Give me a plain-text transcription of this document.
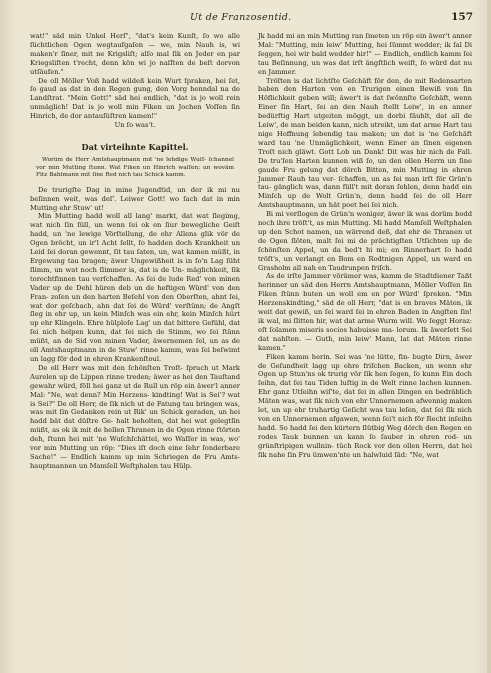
Ut de Franzosentid.	157

wat!" säd min Unkel Herſ", "dat's kein Kunſt, ſo wo alle ſüchtlichen Ogen wegtaufgaſen — we, min Nauh is, wi maken'r ſiner, mit ne Krigsliſt; alſo mal ſik en Jeder en par Kriegsliſten t'recht, denn kön wi jo naſſten de beſt dorvon utſäufen."

De oll Möller Voß hadd wildeß kein Wurt ſpraken, hei ſet, ſo gaud as dat in den Regen gung, den Vorg henndal na de Landſtrat. "Mein Gott!" säd hei endlich, "dat is jo woll rein unmäglich! Dat is jo woll min Fiken un Jochen Voſſen ſin Hinrich, de dor antauſüſtren kamen!"

Un ſo wasʼt.

Dat virteihnte Kapittel.

Worüm de Herr Amtshauptmann mit 'ne lehdige Wuſſ- ſchannel vor min Mutting ſtunn. Wat Fiken un Hinrich waſſen; un woväm Fitz Bahlmann mit ſine Red nich tau Schick kamm.

De trurigſte Dag in mine Jugendtid, un der ik mi nu beſinnen weit, was deſ'. Leiwer Gott! wo ſach dat in min Mutting ehr Stuw' ut!

Min Mutting hadd woll all lang' markt, dat wat ſlegimg, wat nich ſin ſüll, un wenn ſei ok en ſiur bewegliche Geiſt hadd, un 'ne lewige Vörſtellung, de ehr Allens glik vör de Ogen bröcht, un ir'l Acht ſellt, ſo hadden doch Krankheit un Leid ſei doran gewennt, ſit tau ſaten, un, wat kamen müßt, in Ergewung tau bragen; äwer Ungewißheit is in ſo'n Lag ſüht ſlimm, un wat noch ſlimmer is, dat is de Un- mäglichkeit, ſik torechtfinnen tau verſchaffen. As ſei de lude Red' von minen Vader up de Dehl hüren deb un de heftigen Würd' von den Fran- zoſen un den harten Beſehl von den Oberſten, ahnt ſei, wat dor geſchach, ahn dat ſei de Würd' verſtünn; de Angſt ſleg in ehr up, un kein Minſch was ein ehr, kein Minſch hürt up ehr Klingeln. Ehre hülploſe Lag' un dat bittere Gefühl, dat ſei nich helpen kunn, dat ſei nich de Stimm, wo ſei ſtänn müßt, an de Sid von minen Vader, äwernemen ſel, un as de oll Amtshauptmann in de Stuw' rinne kamm, was ſei beſwimt un lagg för dod in ehren Krankenſtoul.

De oll Herr was mit den ſchönſten Troſt- ſpruch ut Mark Aurelen up de Lippen rinne treden; äwer as hei den Tauſtand gewahr würd, föll hei ganz ut de Rull un röp ein äwer'l anner Mal: "Ne, wat denn? Min Herzens- kindting! Wat is Sei'? wat is Sei?" De oll Herr, de ſik nich ut de Fatung tau bringen was, was mit ſin Gedanken rein ut Rik' un Schick geraden, un hei hadd bät dat düſtre Ge- halt beholten, dat hei wat gelegtſin müßt, as ok ik mit de hellen Thranen in de Ogen rinne ſtörten deh, ſtunn hei mit 'ne Wuſchſchättel, wo Waſſer in was, wo' vor min Mutting un röp: "Dies iſt doch eine ſehr ſonderbare Sache!" — Endlich kamm up min Schriegen de Fru Amts- hauptmannen un Mamſell Weſtphalen tau Hülp.

Jk hadd mi an min Mutting ran ſmeten un röp ein äwer't anner Mal: "Mutting, min leiw' Mutting, hei ſümmt wedder; ik ſal Di ſeggen, hei wir bald wedder hir!" — Endlich, endlich kamm ſei tau Beſinnung, un was dat irſt ängſtlich weiſt, ſo würd dat nu en Jammer.

Tröſten is dat lichtſte Geſchäft för den, de mit Redensarten baben den Harten von en Trurigen einen Bewiß von ſin Höflichkeit geben will; äwer't is dat ſwönnſte Geſchäft, wenn Einer ſin Hart, ſei an den Nauh ſtellt Leiw', in en anner bedürftig Hart utgeiten möggt, un dorbi fäuhlt, dat all de Leiw', de man beiden kann, nich utreikt, um dat arme Hart tau nige Hoffnung lebendig tau maken; un dat is 'ne Geſchäft ward tau 'ne Unmäglichkeit, wenn Einer an ſinen eigenen Troſt nich gläwt. Gott Lob un Dank! Dit was hir nich de Fall. De tru'ſen Harten kunnen wiß ſo, un den ollen Herrn un ſine gaude Fru gelung dat dörch Bitten, min Mutting in ehren Jammer Rauh tau ver- ſchaffen, un as ſei man irſt för Grün'n tau- gänglich was, dann füll't mit doran ſehlen, denn hadd ein Minſch up de Wolt Grün'n, denn hadd ſei de oll Herr Amtshauptmann, un hät poet hei ſei nich.

Bi mi verſlogen de Grün'n woniger, äwer ik was dorüm bodd noch ihre tröſt't, as min Mutting. Mi hadd Mamſell Weſtphalen up den Schot namen, un wärrend deß, dat ehr de Thranen ut de Ogen ſlöten, malt ſei mi de prächtigſten Utſichten up de ſchönſten Appel, un da bed't hi mi; en Rinnerhart ſo hadd tröſt's, un verlangt en Bom en Rodtnigen Appel, un ward en Grasholm all nah en Taudrunpen friſch.

As de irſte Jammer vörämer was, kamm de Stadtdiener Taßt herinner un säd den Herrn Amtshauptmann, Möller Voſſen ſin Fiken ſtünn buten un woll em en por Würd' ſpreken. "Min Herzenskindting," säd de oll Herr, "dat is en braves Mäten, ik weit dat gewiß, un ſei ward ſei in ehren Baden in Angſten ſin! ik wal, mi ſlitten hir, wat dat arme Wurm will. Wo ſeggt Horaz: eſt ſolamen miseris socios habuisse ma- lorum. Ik äwerſett Sei dat nahſten. — Guth, min leiw' Mann, lat dat Mäten rinne kamen."

Fiken kamm herin. Sei was 'ne lütte, fin- bugte Dirn, äwer de Geſundheit lagg up ehre friſchen Backen, un wenn ehr Ogen up Stun'ns ok trurig vör ſik hen ſegen, ſo kunn Ein doch ſeihn, dat ſei tau Tiden luſtig in de Welt rinne lachen kunnen. Ehr ganz Utſeihn wiſ'te, dat ſei in allen Dingen en bedräblich Mäten was, wat ſik nich von ehr Unnernemen afwennig maken let, un up ehr truhartig Geſicht was tau leſen, dat ſei ſik nich von en Unnernemen afgawen, wenn ſei't nich för Recht inſeihn hadd. So hadd ſei den kürtern ſlütbig Weg dörch den Regen en rodes Tauk bunnen un kann ſo ſauber in ehren rod- un grünſtripigen wullnin- tüch Rock vor den ollen Herrn, dat hei ſik nahe ſin Fru ümwen'nte un halwluid ſäd: "Ne, wat
